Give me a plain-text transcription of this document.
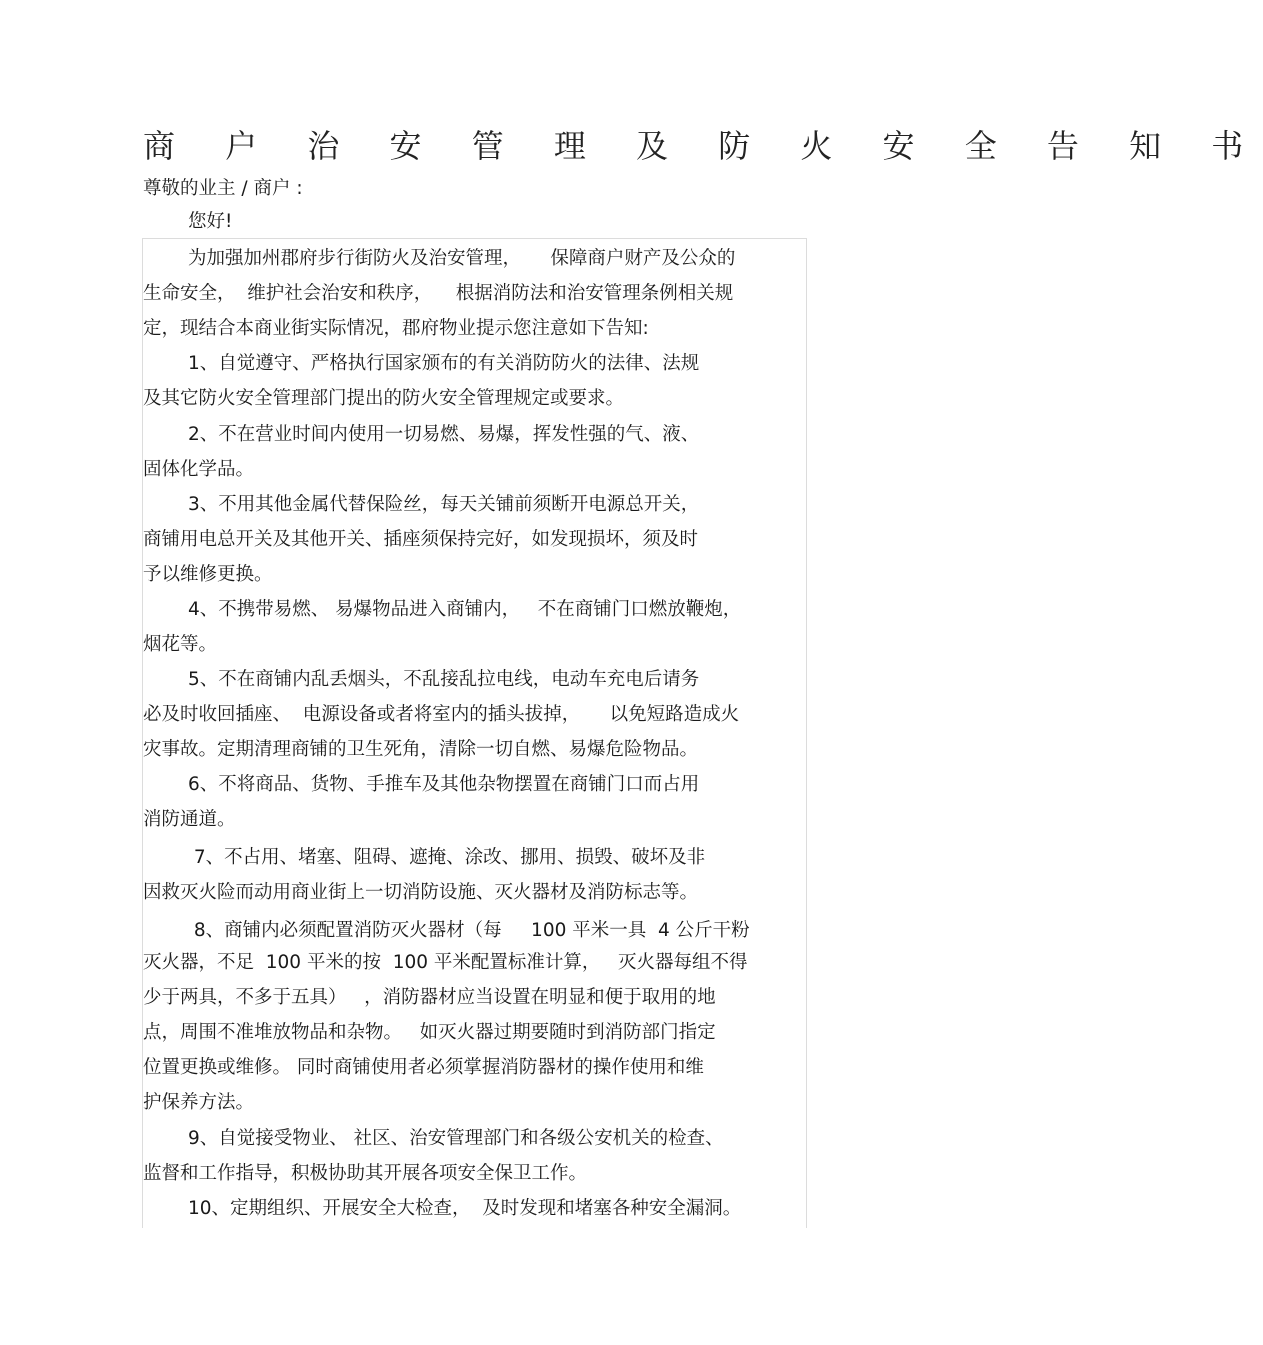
商 户 治 安 管 理 及 防 火 安 全 告 知 书
尊敬的业主 / 商户 :
您好!
为加强加州郡府步行街防火及治安管理，     保障商户财产及公众的
生命安全，  维护社会治安和秩序，    根据消防法和治安管理条例相关规
定，现结合本商业街实际情况，郡府物业提示您注意如下告知:
1、自觉遵守、严格执行国家颁布的有关消防防火的法律、法规
及其它防火安全管理部门提出的防火安全管理规定或要求。
2、不在营业时间内使用一切易燃、易爆，挥发性强的气、液、
固体化学品。
3、不用其他金属代替保险丝，每天关铺前须断开电源总开关，
商铺用电总开关及其他开关、插座须保持完好，如发现损坏，须及时
予以维修更换。
4、不携带易燃、 易爆物品进入商铺内，   不在商铺门口燃放鞭炮，
烟花等。
5、不在商铺内乱丢烟头，不乱接乱拉电线，电动车充电后请务
必及时收回插座、  电源设备或者将室内的插头拔掉，     以免短路造成火
灾事故。定期清理商铺的卫生死角，清除一切自燃、易爆危险物品。
6、不将商品、货物、手推车及其他杂物摆置在商铺门口而占用
消防通道。
7、不占用、堵塞、阻碍、遮掩、涂改、挪用、损毁、破坏及非
因救灭火险而动用商业街上一切消防设施、灭火器材及消防标志等。
8、商铺内必须配置消防灭火器材（每     100 平米一具  4 公斤干粉
灭火器，不足  100 平米的按  100 平米配置标准计算，   灭火器每组不得
少于两具，不多于五具）   ，消防器材应当设置在明显和便于取用的地
点，周围不准堆放物品和杂物。   如灭火器过期要随时到消防部门指定
位置更换或维修。 同时商铺使用者必须掌握消防器材的操作使用和维
护保养方法。
9、自觉接受物业、 社区、治安管理部门和各级公安机关的检查、
监督和工作指导，积极协助其开展各项安全保卫工作。
10、定期组织、开展安全大检查，  及时发现和堵塞各种安全漏洞。
